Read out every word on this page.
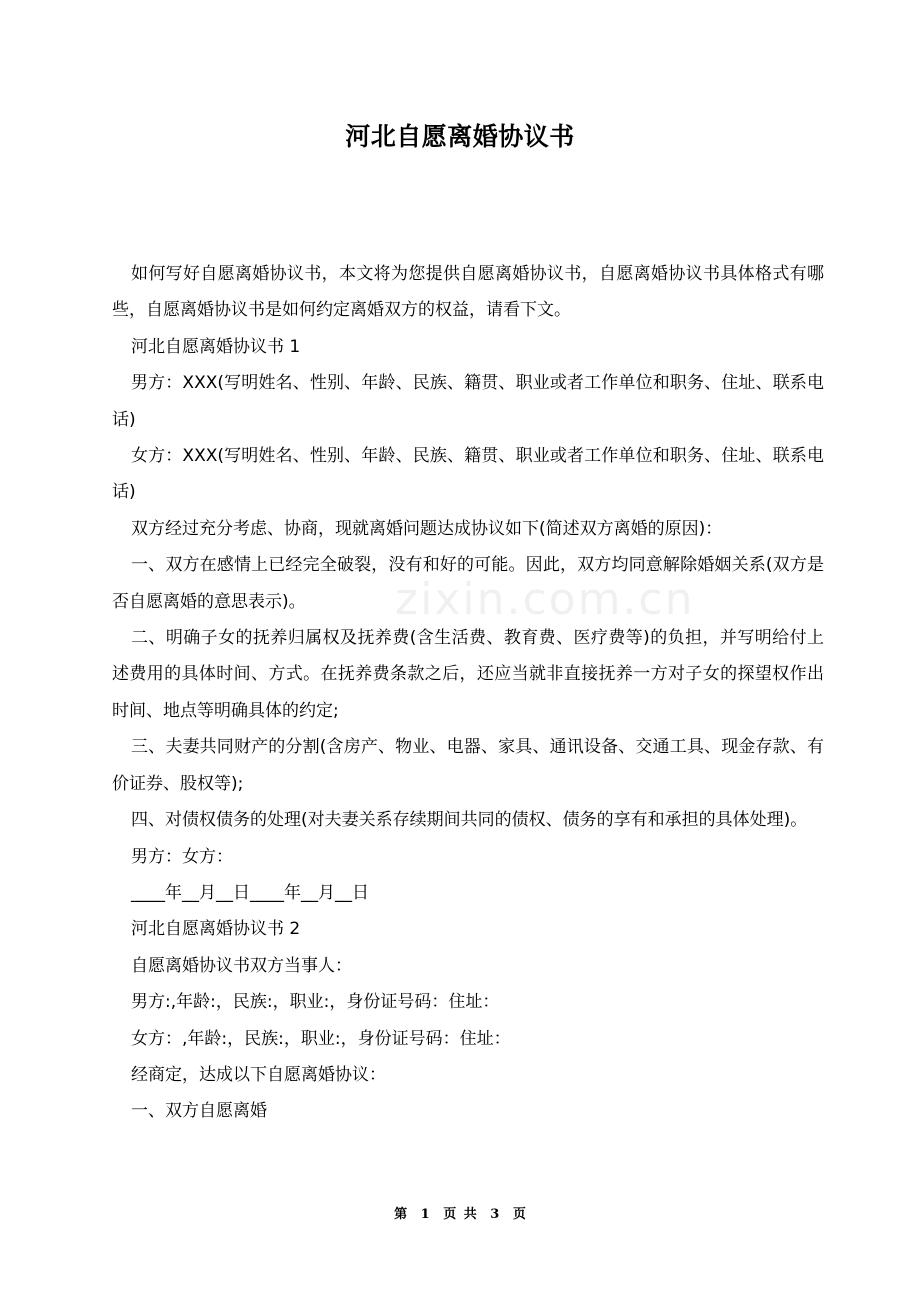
河北自愿离婚协议书

如何写好自愿离婚协议书，本文将为您提供自愿离婚协议书，自愿离婚协议书具体格式有哪些，自愿离婚协议书是如何约定离婚双方的权益，请看下文。

河北自愿离婚协议书 1

男方：XXX(写明姓名、性别、年龄、民族、籍贯、职业或者工作单位和职务、住址、联系电话)

女方：XXX(写明姓名、性别、年龄、民族、籍贯、职业或者工作单位和职务、住址、联系电话)

双方经过充分考虑、协商，现就离婚问题达成协议如下(简述双方离婚的原因)：

一、双方在感情上已经完全破裂，没有和好的可能。因此，双方均同意解除婚姻关系(双方是否自愿离婚的意思表示)。

二、明确子女的抚养归属权及抚养费(含生活费、教育费、医疗费等)的负担，并写明给付上述费用的具体时间、方式。在抚养费条款之后，还应当就非直接抚养一方对子女的探望权作出时间、地点等明确具体的约定;

三、夫妻共同财产的分割(含房产、物业、电器、家具、通讯设备、交通工具、现金存款、有价证券、股权等);

四、对债权债务的处理(对夫妻关系存续期间共同的债权、债务的享有和承担的具体处理)。

男方：女方：

____年__月__日____年__月__日

河北自愿离婚协议书 2

自愿离婚协议书双方当事人：

男方:,年龄:，民族:，职业:，身份证号码：住址：

女方：,年龄:，民族:，职业:，身份证号码：住址：

经商定，达成以下自愿离婚协议：

一、双方自愿离婚

zixin.com.cn
第 1 页 共 3 页
